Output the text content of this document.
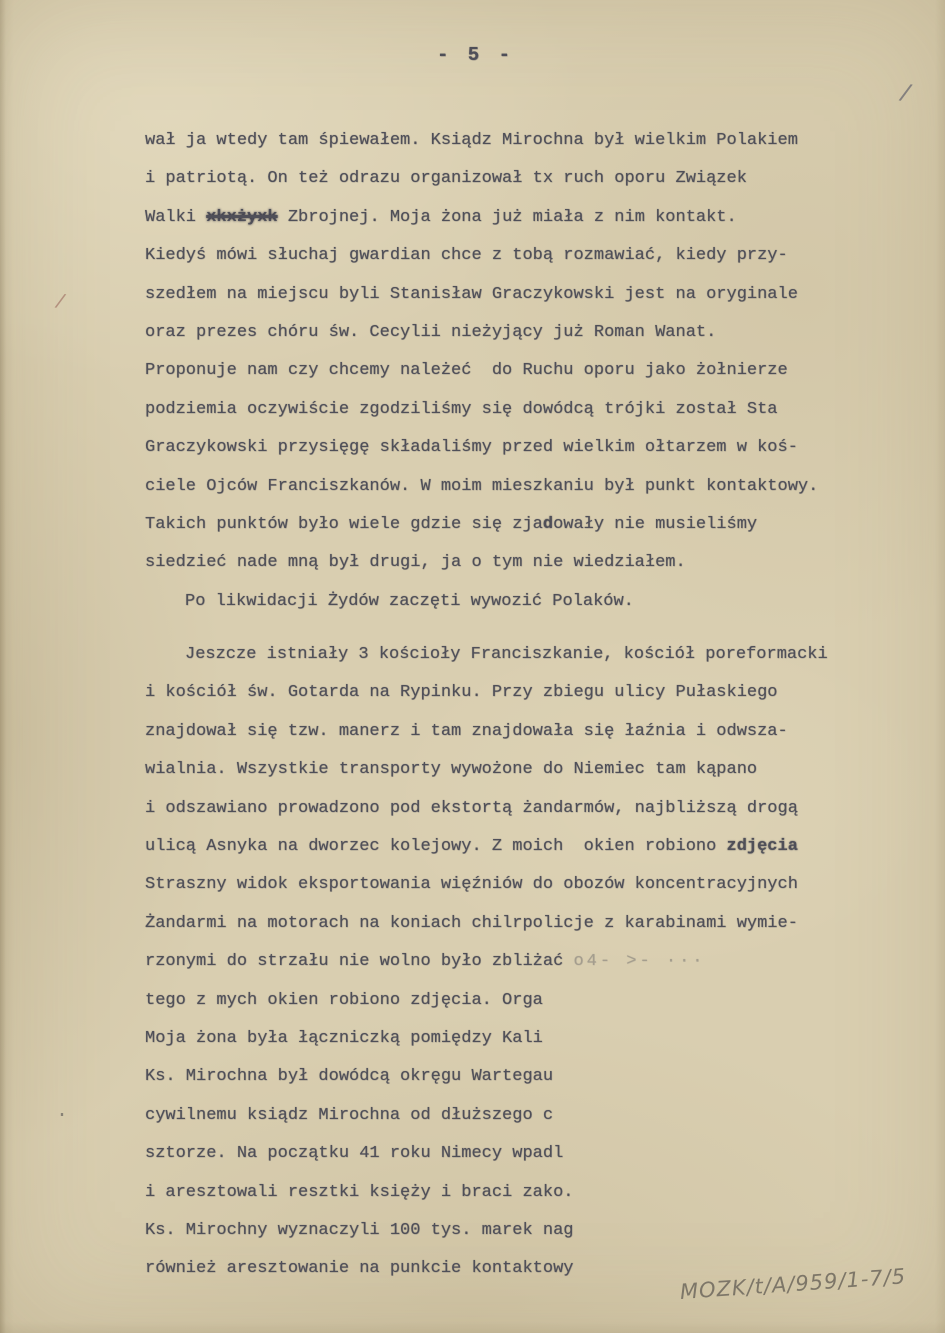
- 5 -
/
/
·
wał ja wtedy tam śpiewałem. Ksiądz Mirochna był wielkim Polakiem
i patriotą. On też odrazu organizował tx ruch oporu Związek
Walki xkxżyxk Zbrojnej. Moja żona już miała z nim kontakt.
Kiedyś mówi słuchaj gwardian chce z tobą rozmawiać, kiedy przy-
szedłem na miejscu byli Stanisław Graczykowski jest na oryginale
oraz prezes chóru św. Cecylii nieżyjący już Roman Wanat.
Proponuje nam czy chcemy należeć  do Ruchu oporu jako żołnierze
podziemia oczywiście zgodziliśmy się dowódcą trójki został Sta
Graczykowski przysięgę składaliśmy przed wielkim ołtarzem w koś-
ciele Ojców Franciszkanów. W moim mieszkaniu był punkt kontaktowy.
Takich punktów było wiele gdzie się zjadowały nie musieliśmy
siedzieć nade mną był drugi, ja o tym nie wiedziałem.
Po likwidacji Żydów zaczęti wywozić Polaków.
Jeszcze istniały 3 kościoły Franciszkanie, kościół poreformacki
i kościół św. Gotarda na Rypinku. Przy zbiegu ulicy Pułaskiego
znajdował się tzw. manerz i tam znajdowała się łaźnia i odwsza-
wialnia. Wszystkie transporty wywożone do Niemiec tam kąpano
i odszawiano prowadzono pod ekstortą żandarmów, najbliższą drogą
ulicą Asnyka na dworzec kolejowy. Z moich  okien robiono zdjęcia
Straszny widok eksportowania więźniów do obozów koncentracyjnych
Żandarmi na motorach na koniach chilrpolicje z karabinami wymie-
rzonymi do strzału nie wolno było zbliżać o4- >- ···
tego z mych okien robiono zdjęcia. Orga
Moja żona była łączniczką pomiędzy Kali
Ks. Mirochna był dowódcą okręgu Wartegau
cywilnemu ksiądz Mirochna od dłuższego c
sztorze. Na początku 41 roku Nimecy wpadl
i aresztowali resztki księży i braci zako.
Ks. Mirochny wyznaczyli 100 tys. marek nag
również aresztowanie na punkcie kontaktowy	MOZK/t/A/959/1-7/5
